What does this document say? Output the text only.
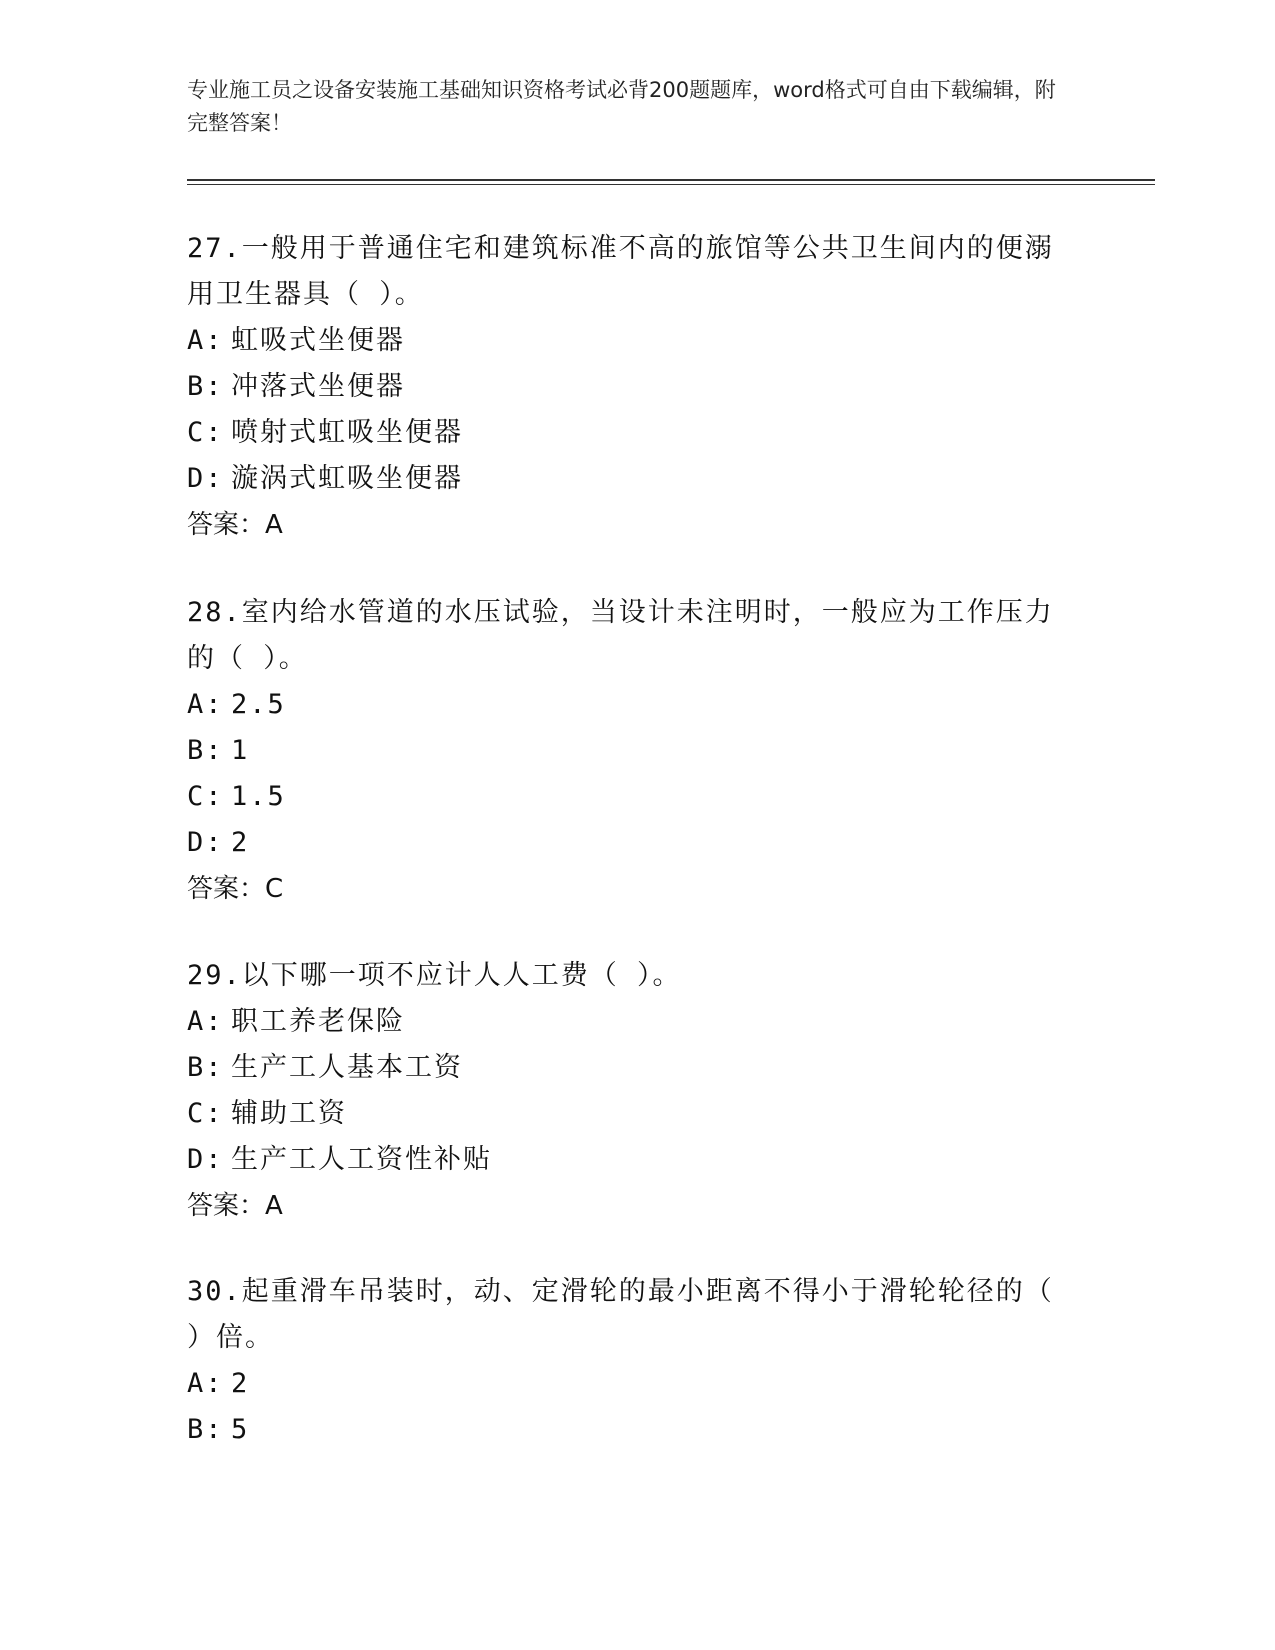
专业施工员之设备安装施工基础知识资格考试必背200题题库，word格式可自由下载编辑，附完整答案！

27.一般用于普通住宅和建筑标准不高的旅馆等公共卫生间内的便溺用卫生器具（ ）。

A: 虹吸式坐便器

B: 冲落式坐便器

C: 喷射式虹吸坐便器

D: 漩涡式虹吸坐便器

答案：A

28.室内给水管道的水压试验，当设计未注明时，一般应为工作压力的（ ）。

A: 2.5

B: 1

C: 1.5

D: 2

答案：C

29.以下哪一项不应计人人工费（ ）。

A: 职工养老保险

B: 生产工人基本工资

C: 辅助工资

D: 生产工人工资性补贴

答案：A

30.起重滑车吊装时，动、定滑轮的最小距离不得小于滑轮轮径的（ ）倍。

A: 2

B: 5
